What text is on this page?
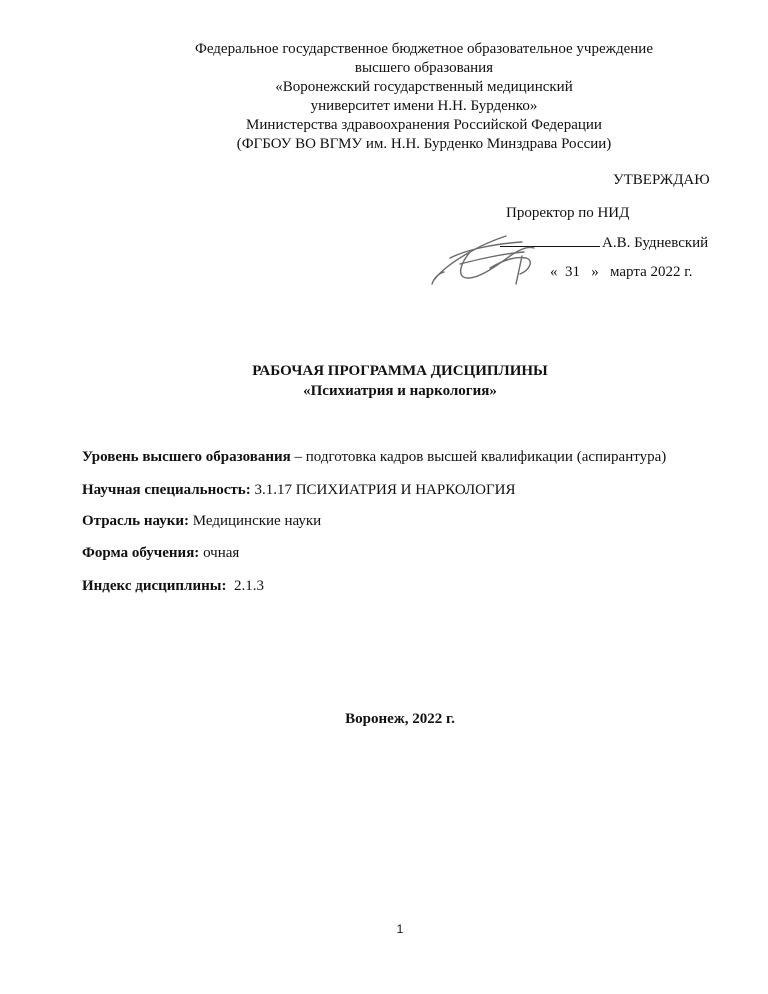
Федеральное государственное бюджетное образовательное учреждение
высшего образования
«Воронежский государственный медицинский
университет имени Н.Н. Бурденко»
Министерства здравоохранения Российской Федерации
(ФГБОУ ВО ВГМУ им. Н.Н. Бурденко Минздрава России)
УТВЕРЖДАЮ
Проректор по НИД
А.В. Будневский
« 31 » марта 2022 г.
РАБОЧАЯ ПРОГРАММА ДИСЦИПЛИНЫ
«Психиатрия и наркология»
Уровень высшего образования – подготовка кадров высшей квалификации (аспирантура)
Научная специальность: 3.1.17 ПСИХИАТРИЯ И НАРКОЛОГИЯ
Отрасль науки: Медицинские науки
Форма обучения: очная
Индекс дисциплины:  2.1.3
Воронеж, 2022 г.
1
